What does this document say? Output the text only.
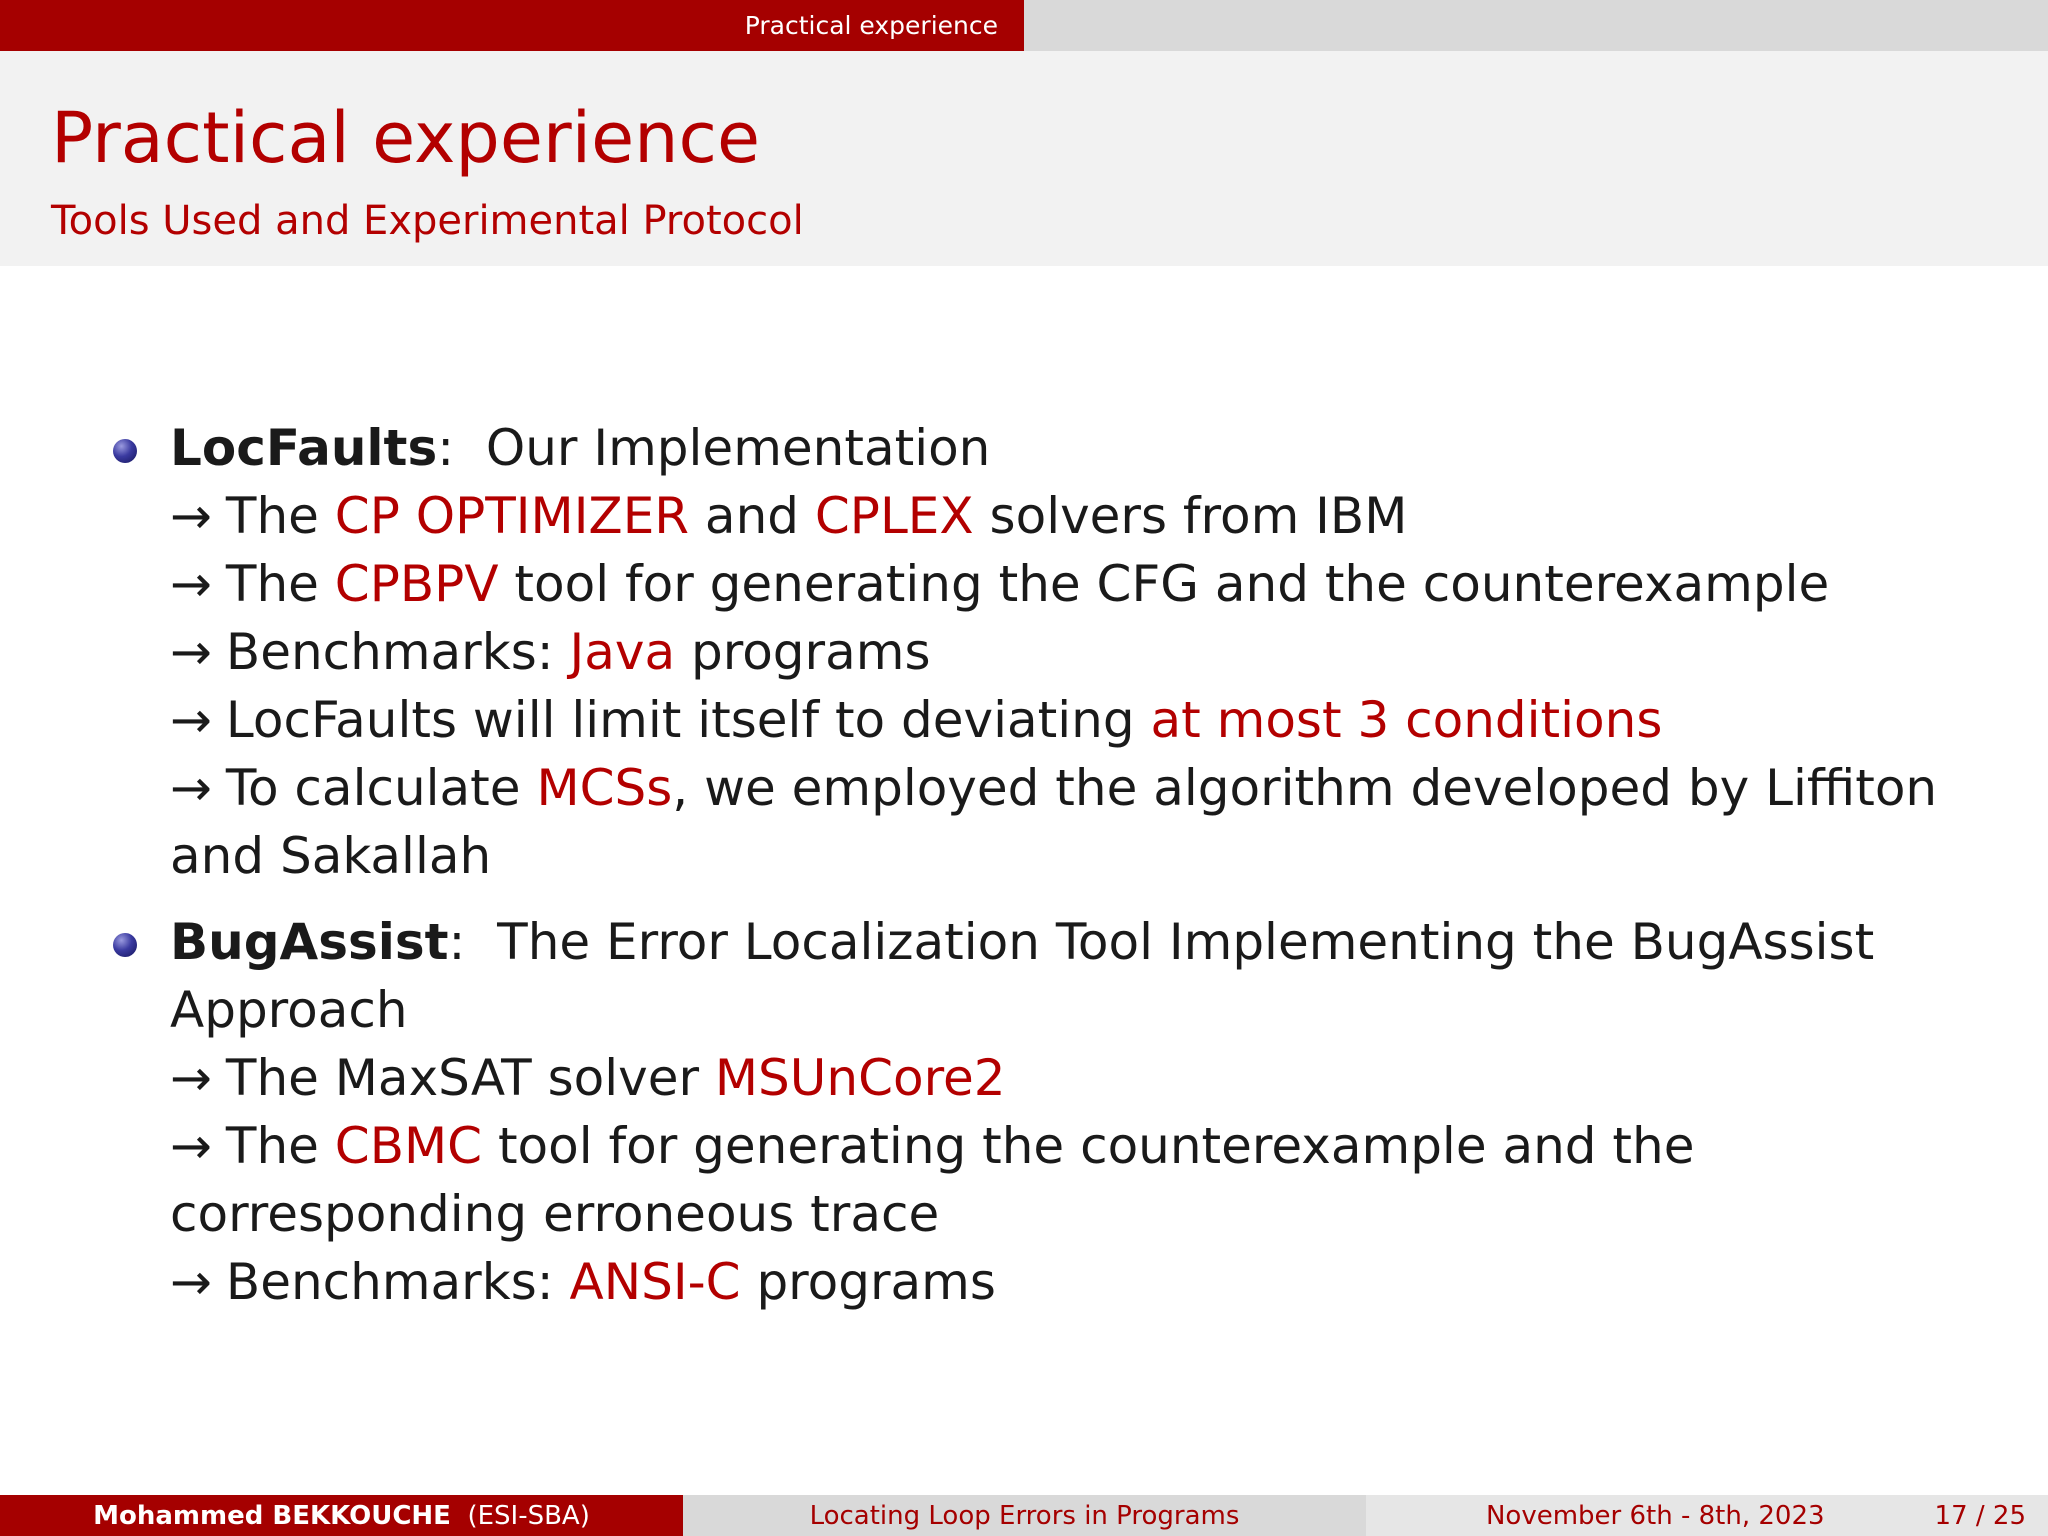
Practical experience
Practical experience
Tools Used and Experimental Protocol
LocFaults:  Our Implementation
→ The CP OPTIMIZER and CPLEX solvers from IBM
→ The CPBPV tool for generating the CFG and the counterexample
→ Benchmarks: Java programs
→ LocFaults will limit itself to deviating at most 3 conditions
→ To calculate MCSs, we employed the algorithm developed by Liffiton and Sakallah
BugAssist:  The Error Localization Tool Implementing the BugAssist Approach
→ The MaxSAT solver MSUnCore2
→ The CBMC tool for generating the counterexample and the corresponding erroneous trace
→ Benchmarks: ANSI-C programs
Mohammed BEKKOUCHE
(ESI-SBA)	Locating Loop Errors in Programs	November 6th - 8th, 2023	17 / 25
